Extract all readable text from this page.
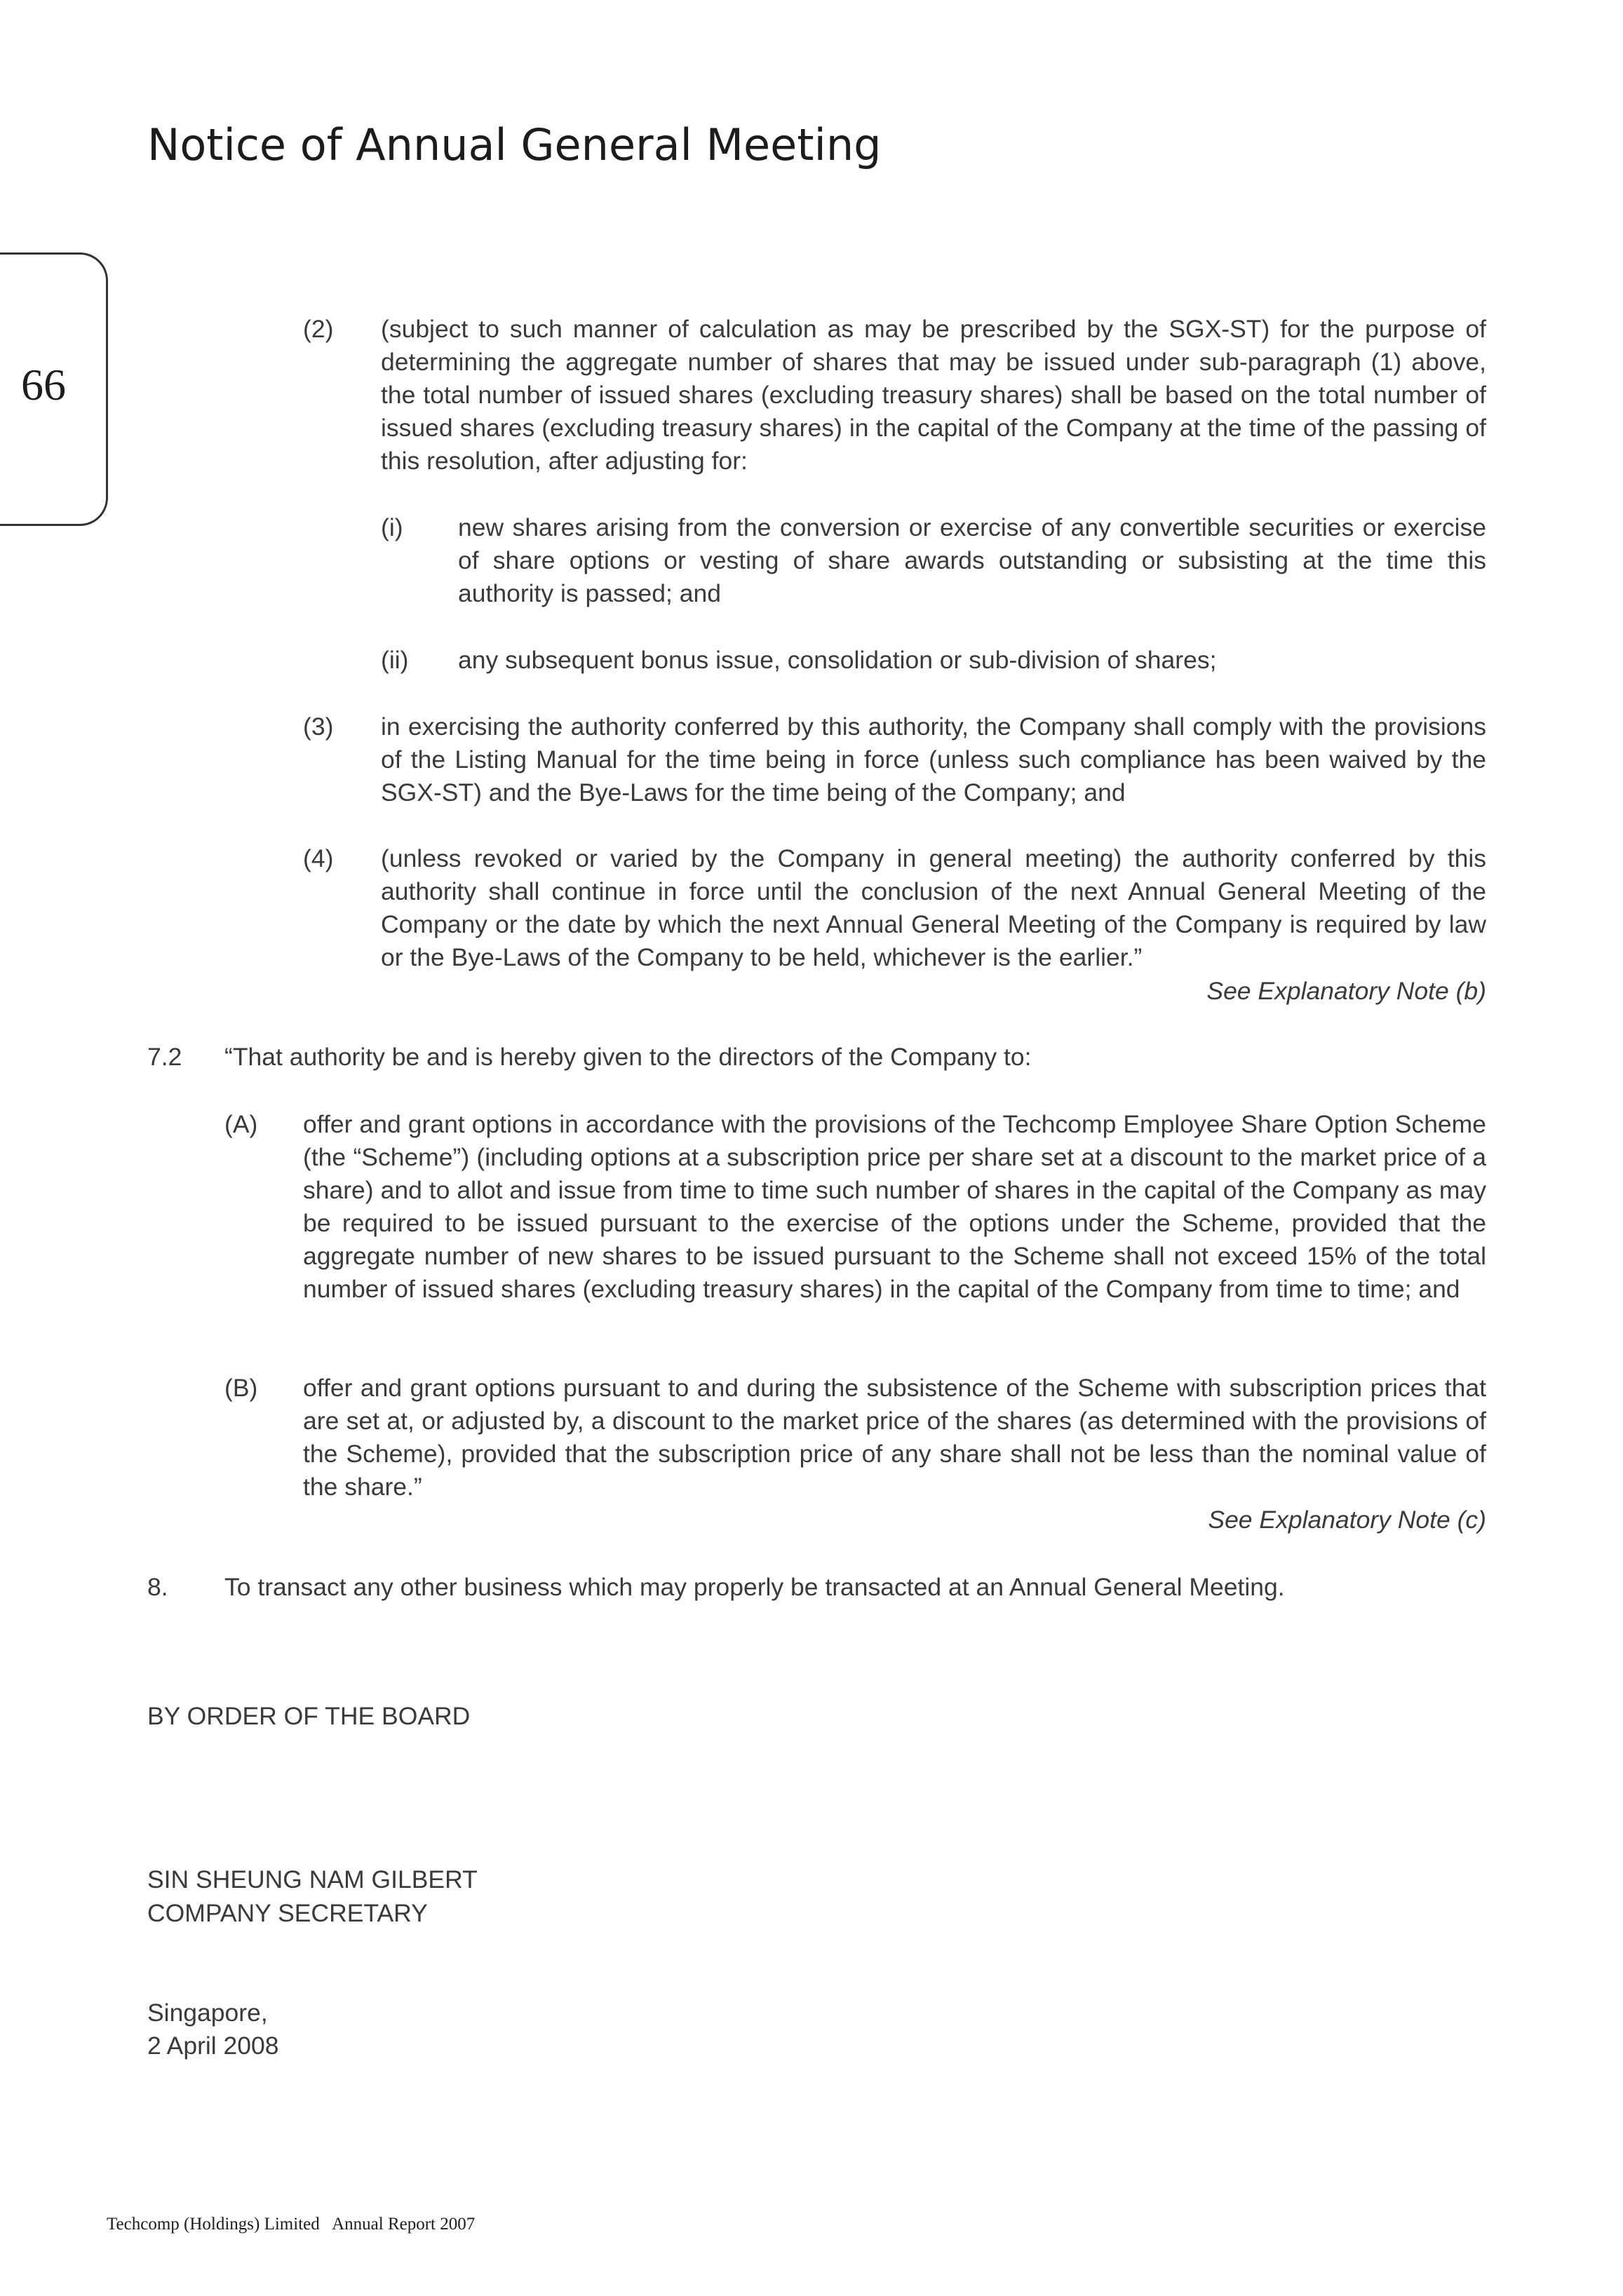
Notice of Annual General Meeting
66
(2) (subject to such manner of calculation as may be prescribed by the SGX-ST) for the purpose of determining the aggregate number of shares that may be issued under sub-paragraph (1) above, the total number of issued shares (excluding treasury shares) shall be based on the total number of issued shares (excluding treasury shares) in the capital of the Company at the time of the passing of this resolution, after adjusting for:
(i) new shares arising from the conversion or exercise of any convertible securities or exercise of share options or vesting of share awards outstanding or subsisting at the time this authority is passed; and
(ii) any subsequent bonus issue, consolidation or sub-division of shares;
(3) in exercising the authority conferred by this authority, the Company shall comply with the provisions of the Listing Manual for the time being in force (unless such compliance has been waived by the SGX-ST) and the Bye-Laws for the time being of the Company; and
(4) (unless revoked or varied by the Company in general meeting) the authority conferred by this authority shall continue in force until the conclusion of the next Annual General Meeting of the Company or the date by which the next Annual General Meeting of the Company is required by law or the Bye-Laws of the Company to be held, whichever is the earlier.”
See Explanatory Note (b)
7.2 “That authority be and is hereby given to the directors of the Company to:
(A) offer and grant options in accordance with the provisions of the Techcomp Employee Share Option Scheme (the “Scheme”) (including options at a subscription price per share set at a discount to the market price of a share) and to allot and issue from time to time such number of shares in the capital of the Company as may be required to be issued pursuant to the exercise of the options under the Scheme, provided that the aggregate number of new shares to be issued pursuant to the Scheme shall not exceed 15% of the total number of issued shares (excluding treasury shares) in the capital of the Company from time to time; and
(B) offer and grant options pursuant to and during the subsistence of the Scheme with subscription prices that are set at, or adjusted by, a discount to the market price of the shares (as determined with the provisions of the Scheme), provided that the subscription price of any share shall not be less than the nominal value of the share.”
See Explanatory Note (c)
8. To transact any other business which may properly be transacted at an Annual General Meeting.
BY ORDER OF THE BOARD
SIN SHEUNG NAM GILBERT
COMPANY SECRETARY
Singapore,
2 April 2008
Techcomp (Holdings) Limited   Annual Report 2007
